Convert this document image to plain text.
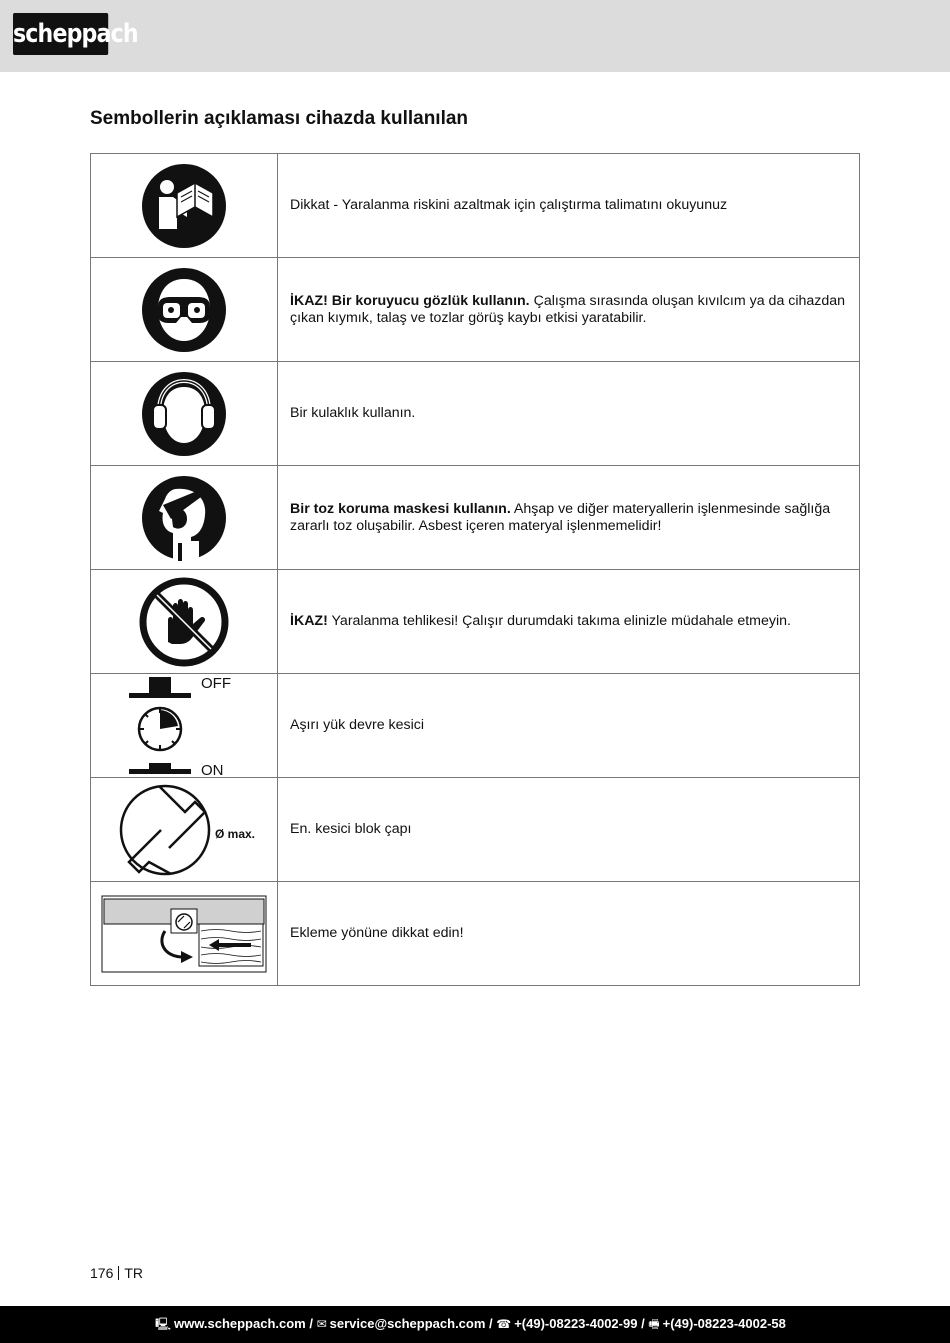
scheppach
Sembollerin açıklaması cihazda kullanılan
	Dikkat - Yaralanma riskini azaltmak için çalıştırma talimatını okuyunuz

	İKAZ! Bir koruyucu gözlük kullanın. Çalışma sırasında oluşan kıvılcım ya da cihazdan çıkan kıymık, talaş ve tozlar görüş kaybı etkisi yaratabilir.

	Bir kulaklık kullanın.

	Bir toz koruma maskesi kullanın. Ahşap ve diğer materyallerin işlenmesinde sağlığa zararlı toz oluşabilir. Asbest içeren materyal işlenmemelidir!

	İKAZ! Yaralanma tehlikesi! Çalışır durumdaki takıma elinizle müdahale etmeyin.

OFF
ON	Aşırı yük devre kesici

Ø max.	En. kesici blok çapı

	Ekleme yönüne dikkat edin!
176 TR
🖳 www.scheppach.com / ✉ service@scheppach.com / ☎ +(49)-08223-4002-99 / 🖷 +(49)-08223-4002-58
